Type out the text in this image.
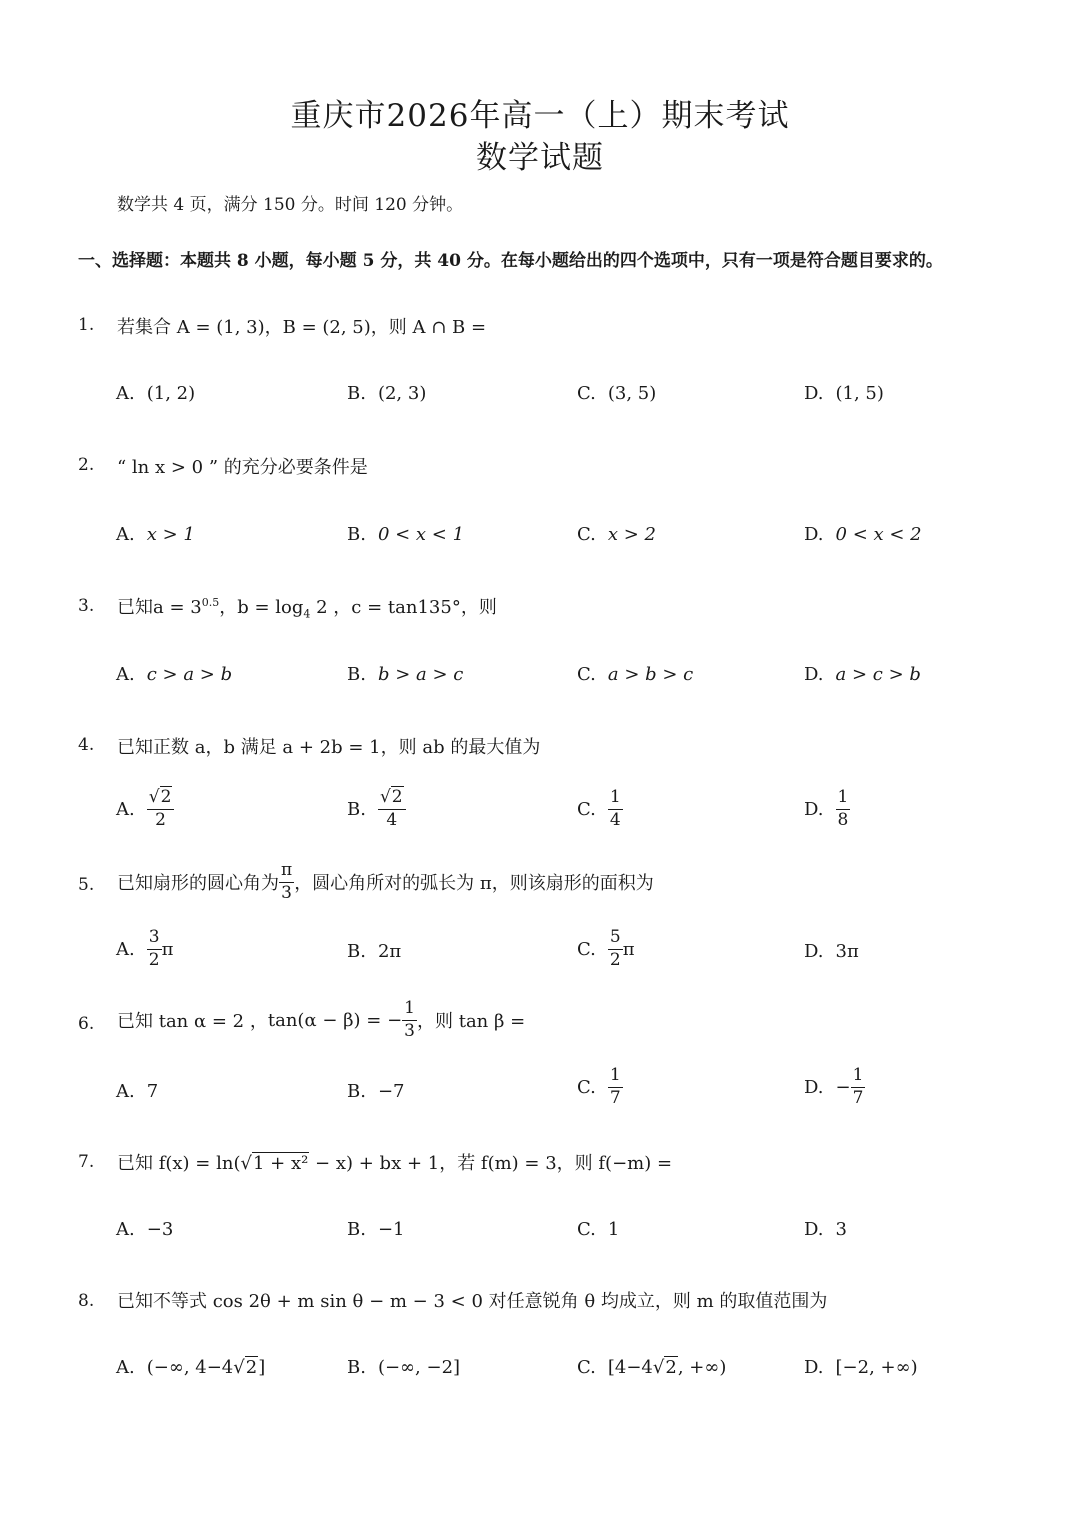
重庆市2026年高一（上）期末考试
数学试题
数学共 4 页，满分 150 分。时间 120 分钟。
一、选择题：本题共 8 小题，每小题 5 分，共 40 分。在每小题给出的四个选项中，只有一项是符合题目要求的。
1. 若集合 A = (1, 3)，B = (2, 5)，则 A ∩ B =
A. (1, 2)	B. (2, 3)	C. (3, 5)	D. (1, 5)
2. “ ln x > 0 ” 的充分必要条件是
A. x > 1	B. 0 < x < 1	C. x > 2	D. 0 < x < 2
3. 已知$a = 3^{0.5}$，$b = \log_4 2$ ，c = tan135°，则
A. c > a > b	B. b > a > c	C. a > b > c	D. a > c > b
4. 已知正数 a，b 满足 a + 2b = 1，则 ab 的最大值为
A. $\frac{√2}{2}$	B. $\frac{√2}{4}$	C. $\frac{1}{4}$	D. $\frac{1}{8}$
5. 已知扇形的圆心角为 $\frac{\pi}{3}$ ，圆心角所对的弧长为 π，则该扇形的面积为
A. $\frac{3}{2}$ π	B. 2π	C. $\frac{5}{2}$ π	D. 3π
6. 已知 tan α = 2 ， tan(α − β) = − $\frac{1}{3}$ ，则 tan β =
A. 7	B. −7	C. $\frac{1}{7}$	D. − $\frac{1}{7}$
7. 已知 f(x) = ln(√1 + x² − x) + bx + 1，若 f(m) = 3，则 f(−m) =
A. −3	B. −1	C. 1	D. 3
8. 已知不等式 cos 2θ + m sin θ − m − 3 < 0 对任意锐角 θ 均成立，则 m 的取值范围为
A. (−∞, 4−4 √ 2 ]	B. (−∞, −2]	C. [4−4 √ 2 , +∞)	D. [−2, +∞)
